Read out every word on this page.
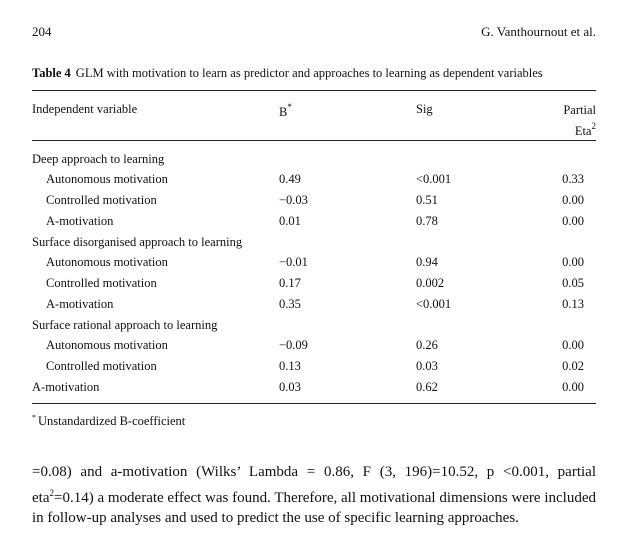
204	G. Vanthournout et al.
Table 4 GLM with motivation to learn as predictor and approaches to learning as dependent variables
Independent variable	B*	Sig	Partial
Eta$^2$
Deep approach to learning
Autonomous motivation	0.49	<0.001	0.33
Controlled motivation	−0.03	0.51	0.00
A-motivation	0.01	0.78	0.00
Surface disorganised approach to learning
Autonomous motivation	−0.01	0.94	0.00
Controlled motivation	0.17	0.002	0.05
A-motivation	0.35	<0.001	0.13
Surface rational approach to learning
Autonomous motivation	−0.09	0.26	0.00
Controlled motivation	0.13	0.03	0.02
A-motivation	0.03	0.62	0.00
* Unstandardized B-coefficient
=0.08) and a-motivation (Wilks’ Lambda = 0.86, F (3, 196)=10.52, p <0.001, partial eta$^2$=0.14) a moderate effect was found. Therefore, all motivational dimensions were included in follow-up analyses and used to predict the use of specific learning approaches.
